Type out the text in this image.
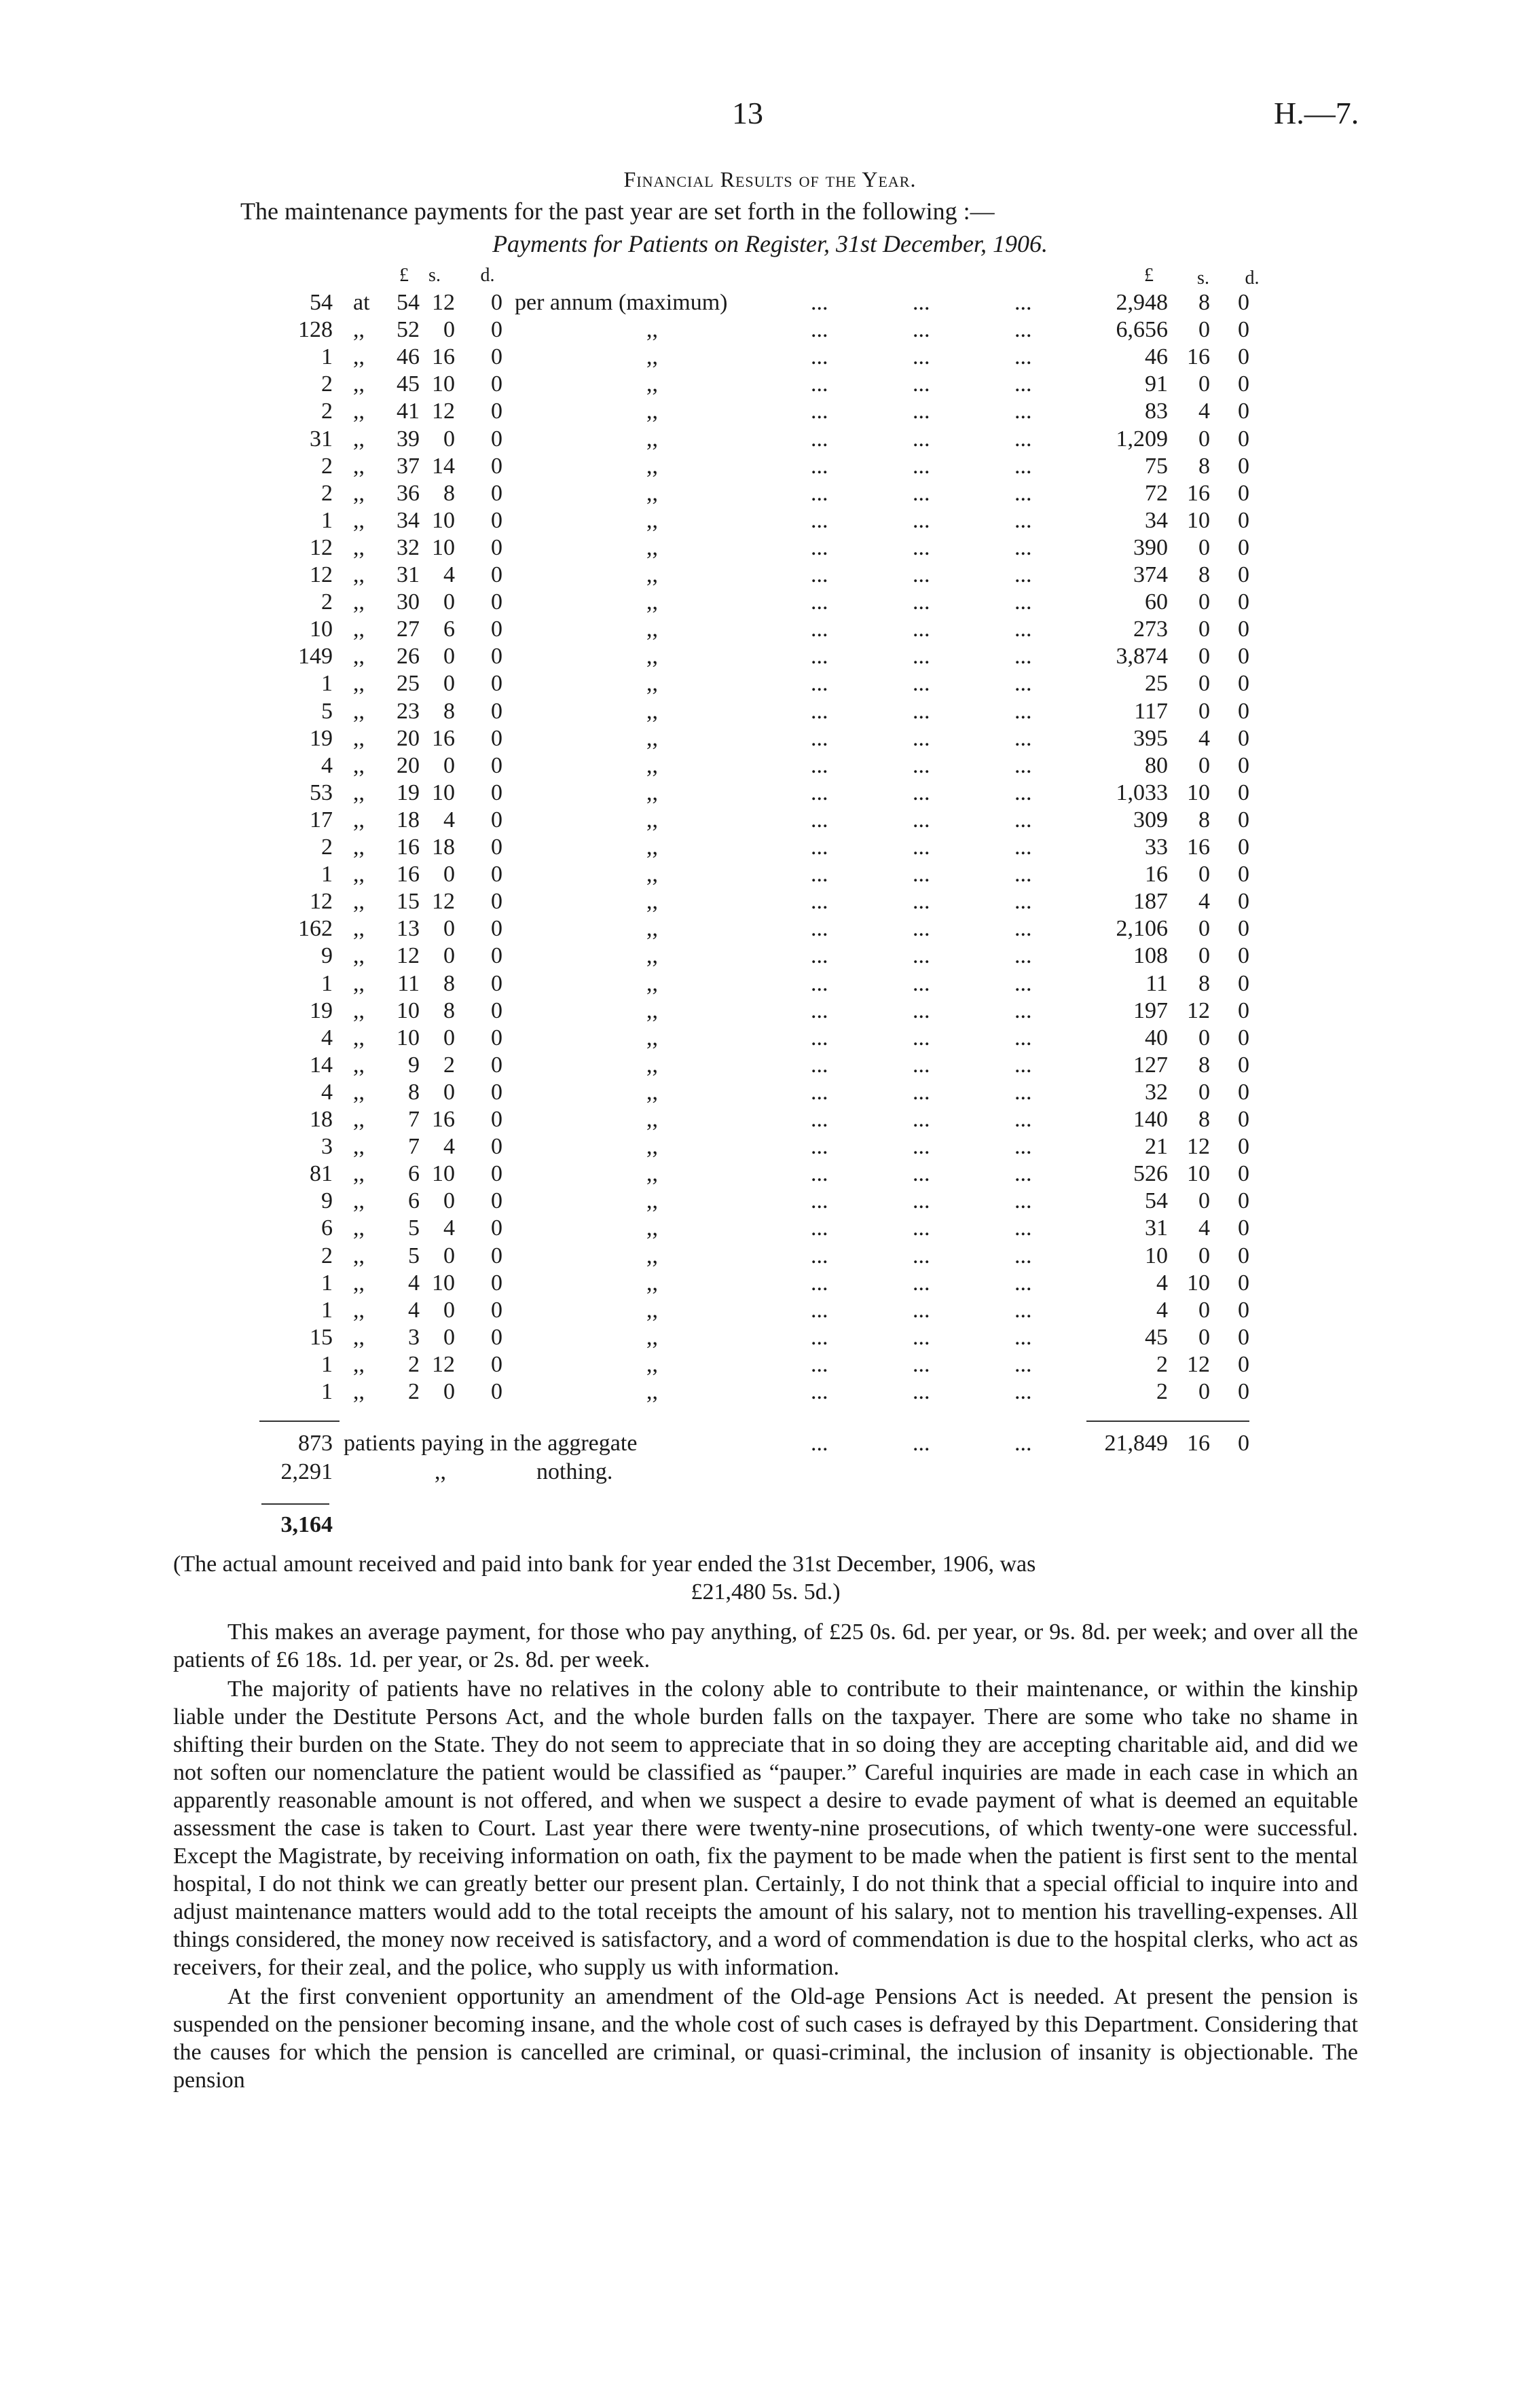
13	H.—7.
Financial Results of the Year.
The maintenance payments for the past year are set forth in the following :—
Payments for Patients on Register, 31st December, 1906.
£	s.	d.	£	s.	d.
54 at	54 12	0 per annum (maximum)	...	...	...	2,948	8	0
128 ,,	52	0	0	,,	...	...	...	6,656	0	0
1 ,,	46 16	0	,,	...	...	...	46 16	0
2 ,,	45 10	0	,,	...	...	...	91	0	0
2 ,,	41 12	0	,,	...	...	...	83	4	0
31 ,,	39	0	0	,,	...	...	...	1,209	0	0
2 ,,	37 14	0	,,	...	...	...	75	8	0
2 ,,	36	8	0	,,	...	...	...	72 16	0
1 ,,	34 10	0	,,	...	...	...	34 10	0
12 ,,	32 10	0	,,	...	...	...	390	0	0
12 ,,	31	4	0	,,	...	...	...	374	8	0
2 ,,	30	0	0	,,	...	...	...	60	0	0
10 ,,	27	6	0	,,	...	...	...	273	0	0
149 ,,	26	0	0	,,	...	...	...	3,874	0	0
1 ,,	25	0	0	,,	...	...	...	25	0	0
5 ,,	23	8	0	,,	...	...	...	117	0	0
19 ,,	20 16	0	,,	...	...	...	395	4	0
4 ,,	20	0	0	,,	...	...	...	80	0	0
53 ,,	19 10	0	,,	...	...	...	1,033 10	0
17 ,,	18	4	0	,,	...	...	...	309	8	0
2 ,,	16 18	0	,,	...	...	...	33 16	0
1 ,,	16	0	0	,,	...	...	...	16	0	0
12 ,,	15 12	0	,,	...	...	...	187	4	0
162 ,,	13	0	0	,,	...	...	...	2,106	0	0
9 ,,	12	0	0	,,	...	...	...	108	0	0
1 ,,	11	8	0	,,	...	...	...	11	8	0
19 ,,	10	8	0	,,	...	...	...	197 12	0
4 ,,	10	0	0	,,	...	...	...	40	0	0
14 ,,	9	2	0	,,	...	...	...	127	8	0
4 ,,	8	0	0	,,	...	...	...	32	0	0
18 ,,	7 16	0	,,	...	...	...	140	8	0
3 ,,	7	4	0	,,	...	...	...	21 12	0
81 ,,	6 10	0	,,	...	...	...	526 10	0
9 ,,	6	0	0	,,	...	...	...	54	0	0
6 ,,	5	4	0	,,	...	...	...	31	4	0
2 ,,	5	0	0	,,	...	...	...	10	0	0
1 ,,	4 10	0	,,	...	...	...	4 10	0
1 ,,	4	0	0	,,	...	...	...	4	0	0
15 ,,	3	0	0	,,	...	...	...	45	0	0
1 ,,	2 12	0	,,	...	...	...	2 12	0
1 ,,	2	0	0	,,	...	...	...	2	0	0
873 patients paying in the aggregate	...	...	...	21,849 16	0
2,291	,,	nothing.
3,164

(The actual amount received and paid into bank for year ended the 31st December, 1906, was

£21,480 5s. 5d.)

This makes an average payment, for those who pay anything, of £25 0s. 6d. per year, or 9s. 8d. per week; and over all the patients of £6 18s. 1d. per year, or 2s. 8d. per week.

The majority of patients have no relatives in the colony able to contribute to their maintenance, or within the kinship liable under the Destitute Persons Act, and the whole burden falls on the taxpayer. There are some who take no shame in shifting their burden on the State. They do not seem to appreciate that in so doing they are accepting charitable aid, and did we not soften our nomenclature the patient would be classified as “pauper.” Careful inquiries are made in each case in which an apparently reasonable amount is not offered, and when we suspect a desire to evade payment of what is deemed an equitable assessment the case is taken to Court. Last year there were twenty-nine prosecutions, of which twenty-one were successful. Except the Magistrate, by receiving information on oath, fix the payment to be made when the patient is first sent to the mental hospital, I do not think we can greatly better our present plan. Certainly, I do not think that a special official to inquire into and adjust maintenance matters would add to the total receipts the amount of his salary, not to mention his travelling-expenses. All things considered, the money now received is satisfactory, and a word of commendation is due to the hospital clerks, who act as receivers, for their zeal, and the police, who supply us with information.

At the first convenient opportunity an amendment of the Old-age Pensions Act is needed. At present the pension is suspended on the pensioner becoming insane, and the whole cost of such cases is defrayed by this Department. Considering that the causes for which the pension is cancelled are criminal, or quasi-criminal, the inclusion of insanity is objectionable. The pension
